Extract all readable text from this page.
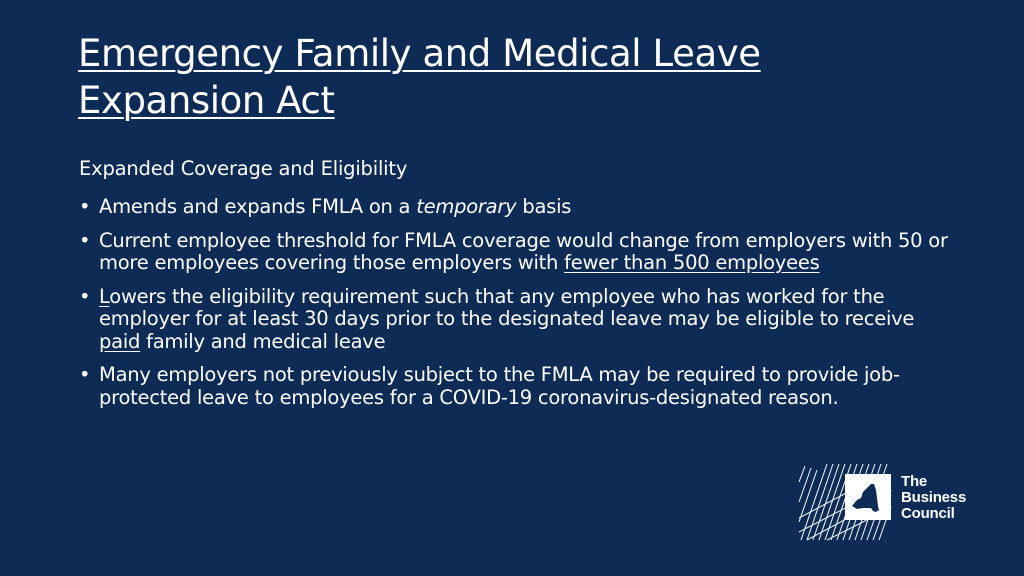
Emergency Family and Medical Leave
Expansion Act
Expanded Coverage and Eligibility
• Amends and expands FMLA on a temporary basis
• Current employee threshold for FMLA coverage would change from employers with 50 or more employees covering those employers with fewer than 500 employees
• Lowers the eligibility requirement such that any employee who has worked for the employer for at least 30 days prior to the designated leave may be eligible to receive paid family and medical leave
• Many employers not previously subject to the FMLA may be required to provide job-protected leave to employees for a COVID-19 coronavirus-designated reason.
The
Business
Council
